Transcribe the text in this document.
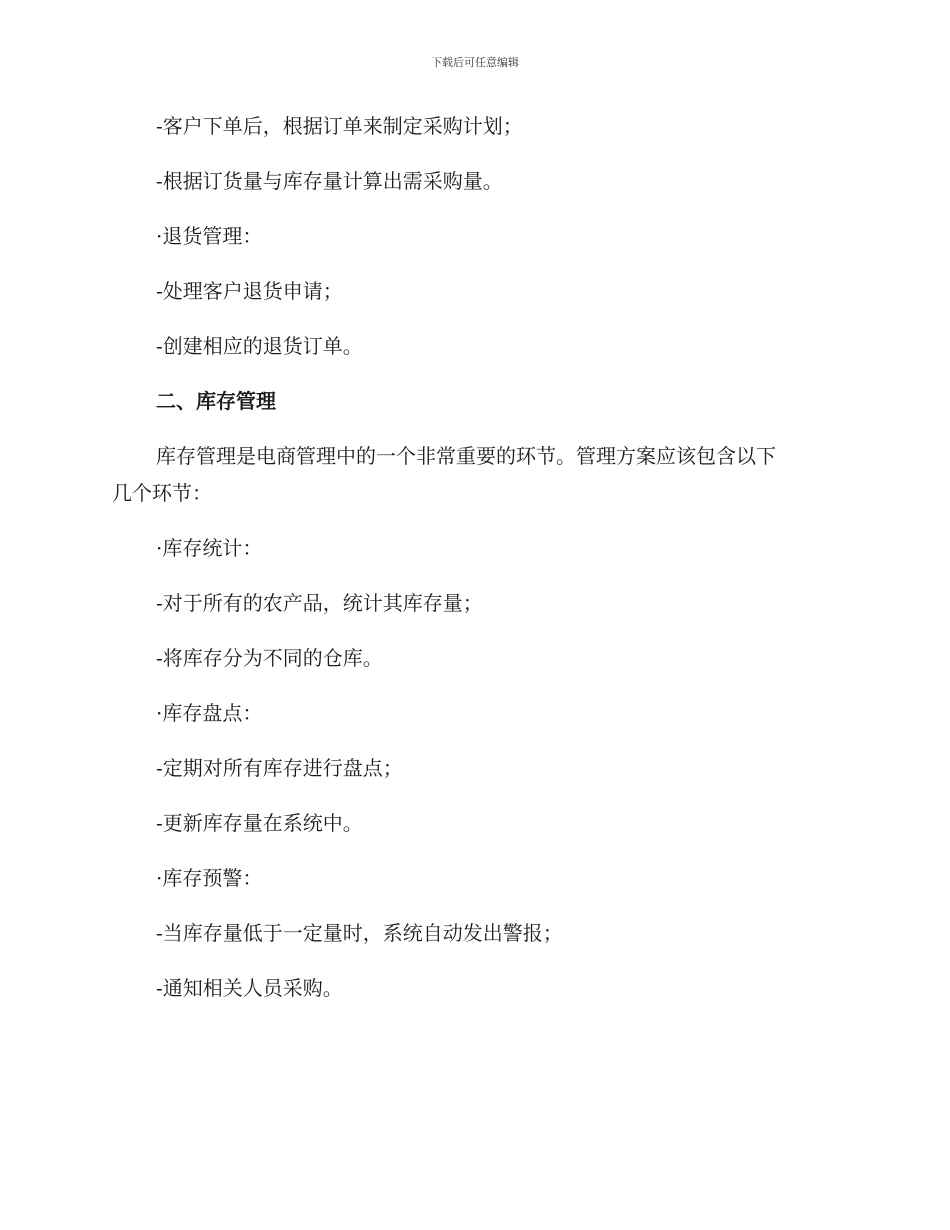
下载后可任意编辑
-客户下单后，根据订单来制定采购计划；
-根据订货量与库存量计算出需采购量。
·退货管理：
-处理客户退货申请；
-创建相应的退货订单。
二、库存管理
库存管理是电商管理中的一个非常重要的环节。管理方案应该包含以下
几个环节：
·库存统计：
-对于所有的农产品，统计其库存量；
-将库存分为不同的仓库。
·库存盘点：
-定期对所有库存进行盘点；
-更新库存量在系统中。
·库存预警：
-当库存量低于一定量时，系统自动发出警报；
-通知相关人员采购。
